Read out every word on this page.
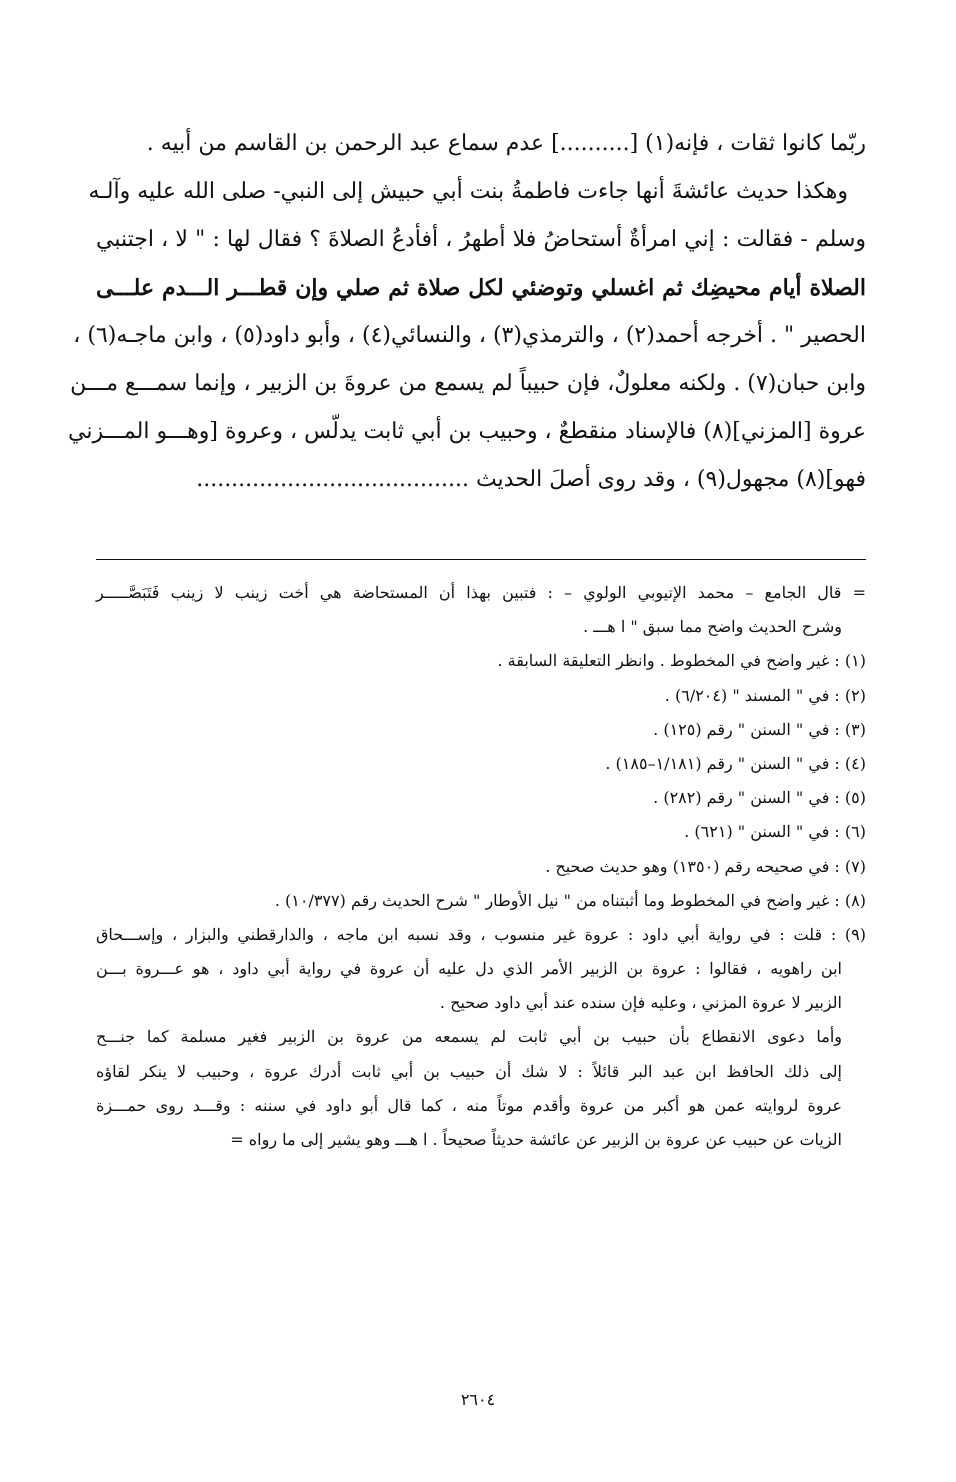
ربّما كانوا ثقات ، فإنه(١) [..........] عدم سماع عبد الرحمن بن القاسم من أبيه .
وهكذا حديث عائشةَ أنها جاءت فاطمةُ بنت أبي حبيش إلى النبي- صلى الله عليه وآلـه
وسلم - فقالت : إني امرأةٌ أستحاضُ فلا أطهرُ ، أفأدعُ الصلاةَ ؟ فقال لها : " لا ، اجتنبي
الصلاة أيام محيضِك ثم اغسلي وتوضئي لكل صلاة ثم صلي وإن قطـــر الـــدم علـــى
الحصير " . أخرجه أحمد(٢) ، والترمذي(٣) ، والنسائي(٤) ، وأبو داود(٥) ، وابن ماجـه(٦) ،
وابن حبان(٧) . ولكنه معلولٌ، فإن حبيباً لم يسمع من عروةَ بن الزبير ، وإنما سمـــع مـــن
عروة [المزني](٨) فالإسناد منقطعٌ ، وحبيب بن أبي ثابت يدلّس ، وعروة [وهـــو المـــزني
فهو](٨) مجهول(٩) ، وقد روى أصلَ الحديث .......................................
= قال الجامع – محمد الإتيوبي الولوي – : فتبين بهذا أن المستحاضة هي أخت زينب لا زينب فَتَبَصَّـــــر
وشرح الحديث واضح مما سبق " ا هـــ .
(١) : غير واضح في المخطوط . وانظر التعليقة السابقة .
(٢) : في " المسند " (٦/٢٠٤) .
(٣) : في " السنن " رقم (١٢٥) .
(٤) : في " السنن " رقم (١/١٨١–١٨٥) .
(٥) : في " السنن " رقم (٢٨٢) .
(٦) : في " السنن " (٦٢١) .
(٧) : في صحيحه رقم (١٣٥٠) وهو حديث صحيح .
(٨) : غير واضح في المخطوط وما أثبتناه من " نيل الأوطار " شرح الحديث رقم (١٠/٣٧٧) .
(٩) : قلت : في رواية أبي داود : عروة غير منسوب ، وقد نسبه ابن ماجه ، والدارقطني والبزار ، وإســـحاق
ابن راهويه ، فقالوا : عروة بن الزبير الأمر الذي دل عليه أن عروة في رواية أبي داود ، هو عـــروة بـــن
الزبير لا عروة المزني ، وعليه فإن سنده عند أبي داود صحيح .
وأما دعوى الانقطاع بأن حبيب بن أبي ثابت لم يسمعه من عروة بن الزبير فغير مسلمة كما جنـــح
إلى ذلك الحافظ ابن عبد البر قائلاً : لا شك أن حبيب بن أبي ثابت أدرك عروة ، وحبيب لا ينكر لقاؤه
عروة لروايته عمن هو أكبر من عروة وأقدم موتاً منه ، كما قال أبو داود في سننه : وقـــد روى حمـــزة
الزيات عن حبيب عن عروة بن الزبير عن عائشة حديثاً صحيحاً . ا هـــ وهو يشير إلى ما رواه =
٢٦٠٤
